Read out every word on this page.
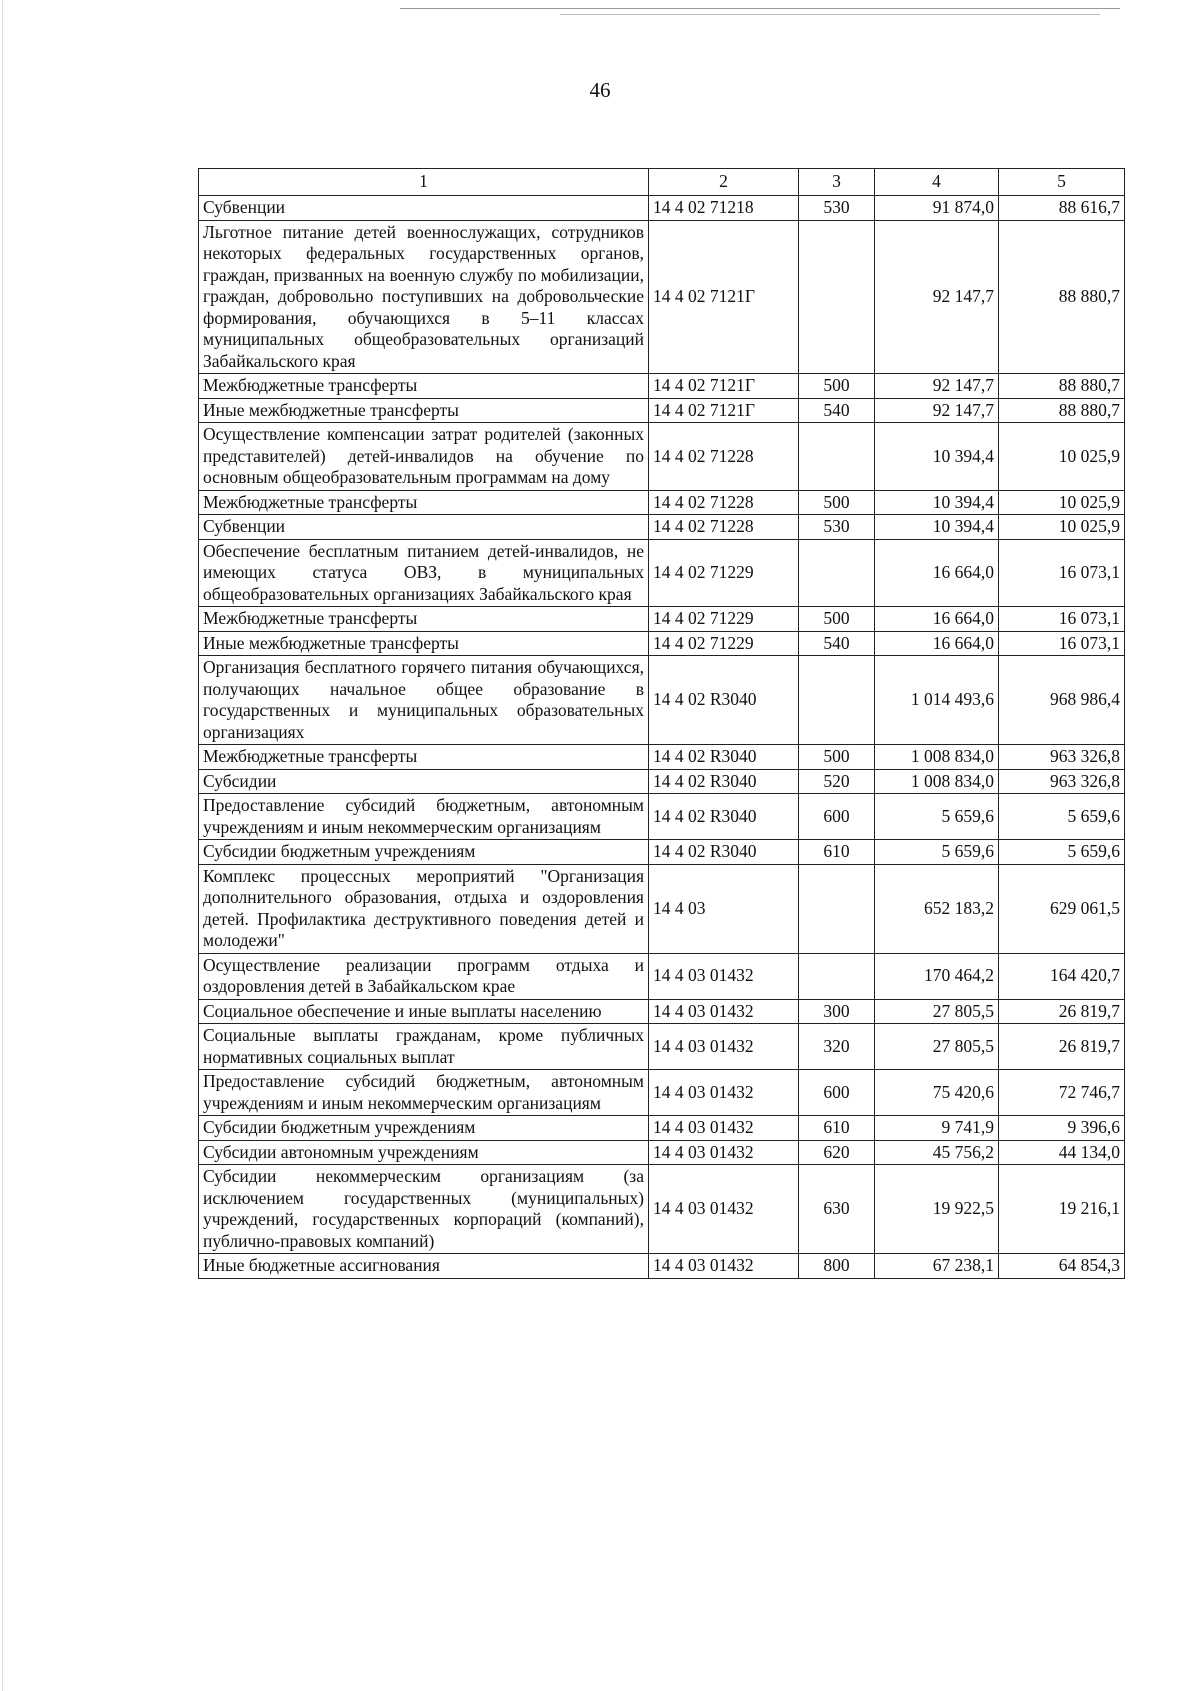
46
1	2	3	4	5
Субвенции	14 4 02 71218	530	91 874,0	88 616,7
Льготное питание детей военнослужащих, сотрудников некоторых федеральных государственных органов, граждан, призванных на военную службу по мобилизации, граждан, добровольно поступивших на добровольческие формирования, обучающихся в 5–11 классах муниципальных общеобразовательных организаций Забайкальского края	14 4 02 7121Г		92 147,7	88 880,7
Межбюджетные трансферты	14 4 02 7121Г	500	92 147,7	88 880,7
Иные межбюджетные трансферты	14 4 02 7121Г	540	92 147,7	88 880,7
Осуществление компенсации затрат родителей (законных представителей) детей-инвалидов на обучение по основным общеобразовательным программам на дому	14 4 02 71228		10 394,4	10 025,9
Межбюджетные трансферты	14 4 02 71228	500	10 394,4	10 025,9
Субвенции	14 4 02 71228	530	10 394,4	10 025,9
Обеспечение бесплатным питанием детей-инвалидов, не имеющих статуса ОВЗ, в муниципальных общеобразовательных организациях Забайкальского края	14 4 02 71229		16 664,0	16 073,1
Межбюджетные трансферты	14 4 02 71229	500	16 664,0	16 073,1
Иные межбюджетные трансферты	14 4 02 71229	540	16 664,0	16 073,1
Организация бесплатного горячего питания обучающихся, получающих начальное общее образование в государственных и муниципальных образовательных организациях	14 4 02 R3040		1 014 493,6	968 986,4
Межбюджетные трансферты	14 4 02 R3040	500	1 008 834,0	963 326,8
Субсидии	14 4 02 R3040	520	1 008 834,0	963 326,8
Предоставление субсидий бюджетным, автономным учреждениям и иным некоммерческим организациям	14 4 02 R3040	600	5 659,6	5 659,6
Субсидии бюджетным учреждениям	14 4 02 R3040	610	5 659,6	5 659,6
Комплекс процессных мероприятий "Организация дополнительного образования, отдыха и оздоровления детей. Профилактика деструктивного поведения детей и молодежи"	14 4 03		652 183,2	629 061,5
Осуществление реализации программ отдыха и оздоровления детей в Забайкальском крае	14 4 03 01432		170 464,2	164 420,7
Социальное обеспечение и иные выплаты населению	14 4 03 01432	300	27 805,5	26 819,7
Социальные выплаты гражданам, кроме публичных нормативных социальных выплат	14 4 03 01432	320	27 805,5	26 819,7
Предоставление субсидий бюджетным, автономным учреждениям и иным некоммерческим организациям	14 4 03 01432	600	75 420,6	72 746,7
Субсидии бюджетным учреждениям	14 4 03 01432	610	9 741,9	9 396,6
Субсидии автономным учреждениям	14 4 03 01432	620	45 756,2	44 134,0
Субсидии некоммерческим организациям (за исключением государственных (муниципальных) учреждений, государственных корпораций (компаний), публично-правовых компаний)	14 4 03 01432	630	19 922,5	19 216,1
Иные бюджетные ассигнования	14 4 03 01432	800	67 238,1	64 854,3
